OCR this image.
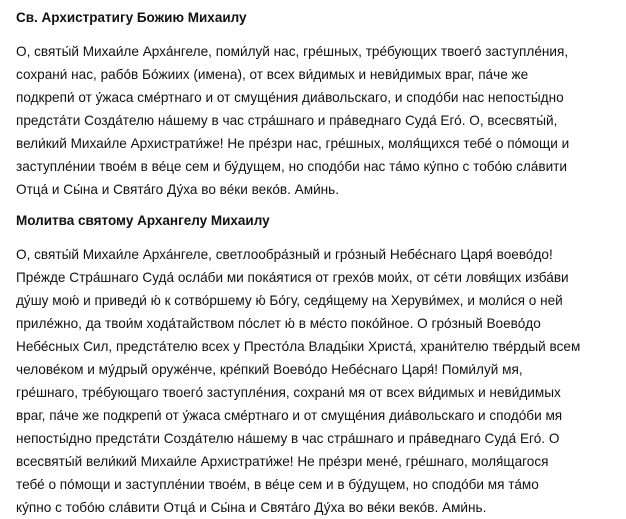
Св. Архистратигу Божию Михаилу

О, святы́й Михаи́ле Арха́нгеле, поми́луй нас, гре́шных, тре́бующих твоего́ заступле́ния,
сохрани́ нас, рабо́в Бо́жиих (имена), от всех ви́димых и неви́димых враг, па́че же
подкрепи́ от у́жаса сме́ртнаго и от смуще́ния диа́вольскаго, и сподо́би нас непосты́дно
предста́ти Созда́телю на́шему в час стра́шнаго и пра́веднаго Суда́ Его́. О, всесвяты́й,
вели́кий Михаи́ле Архистрати́же! Не пре́зри нас, гре́шных, моля́щихся тебе́ о по́мощи и
заступле́нии твое́м в ве́це сем и бу́дущем, но сподо́би нас та́мо ку́пно с тобо́ю сла́вити
Отца́ и Сы́на и Свята́го Ду́ха во ве́ки веко́в. Ами́нь.

Молитва святому Архангелу Михаилу

О, святы́й Михаи́ле Арха́нгеле, светлообра́зный и гро́зный Небе́снаго Царя́ воево́до!
Пре́жде Стра́шнаго Суда́ осла́би ми пока́ятися от грехо́в мои́х, от се́ти ловя́щих изба́ви
ду́шу мою́ и приведи́ ю́ к сотво́ршему ю́ Бо́гу, седя́щему на Херуви́мех, и моли́ся о ней
приле́жно, да твои́м хода́тайством по́слет ю́ в ме́сто поко́йное. О гро́зный Воево́до
Небе́сных Сил, предста́телю всех у Престо́ла Влады́ки Христа́, храни́телю тве́рдый всем
челове́ком и му́дрый оруже́нче, кре́пкий Воево́до Небе́снаго Царя́! Поми́луй мя,
гре́шнаго, тре́бующаго твоего́ заступле́ния, сохрани́ мя от всех ви́димых и неви́димых
враг, па́че же подкрепи́ от у́жаса сме́ртнаго и от смуще́ния диа́вольскаго и сподо́би мя
непосты́дно предста́ти Созда́телю на́шему в час стра́шнаго и пра́веднаго Суда́ Его́. О
всесвяты́й вели́кий Михаи́ле Архистрати́же! Не пре́зри мене́, гре́шнаго, моля́щагося
тебе́ о по́мощи и заступле́нии твое́м, в ве́це сем и в бу́дущем, но сподо́би мя та́мо
ку́пно с тобо́ю сла́вити Отца́ и Сы́на и Свята́го Ду́ха во ве́ки веко́в. Ами́нь.
